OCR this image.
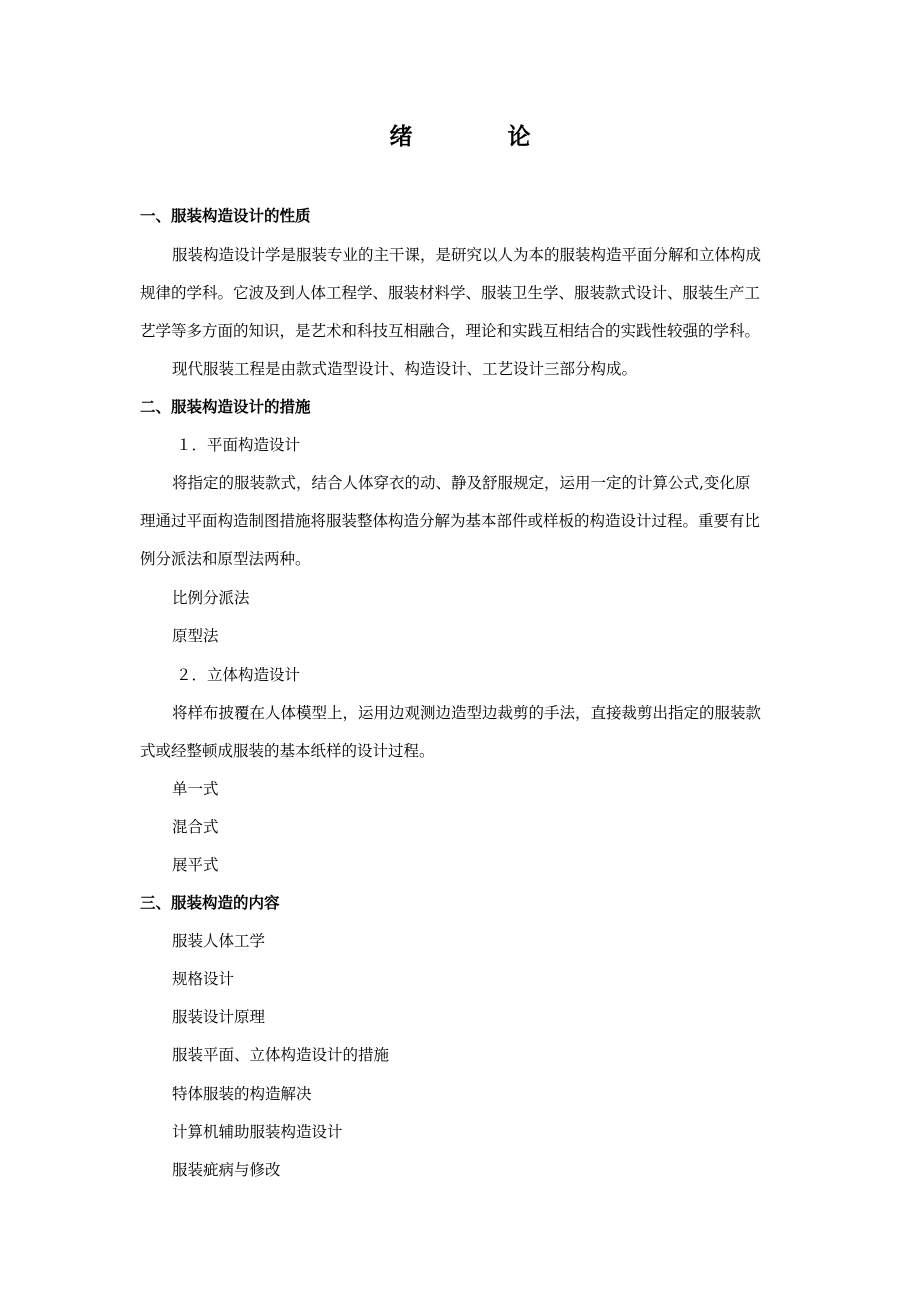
绪　论
一、服装构造设计的性质
服装构造设计学是服装专业的主干课，是研究以人为本的服装构造平面分解和立体构成
规律的学科。它波及到人体工程学、服装材料学、服装卫生学、服装款式设计、服装生产工
艺学等多方面的知识，是艺术和科技互相融合，理论和实践互相结合的实践性较强的学科。
现代服装工程是由款式造型设计、构造设计、工艺设计三部分构成。
二、服装构造设计的措施
１．平面构造设计
将指定的服装款式，结合人体穿衣的动、静及舒服规定，运用一定的计算公式,变化原
理通过平面构造制图措施将服装整体构造分解为基本部件或样板的构造设计过程。重要有比
例分派法和原型法两种。
比例分派法
原型法
２．立体构造设计
将样布披覆在人体模型上，运用边观测边造型边裁剪的手法，直接裁剪出指定的服装款
式或经整顿成服装的基本纸样的设计过程。
单一式
混合式
展平式
三、服装构造的内容
服装人体工学
规格设计
服装设计原理
服装平面、立体构造设计的措施
特体服装的构造解决
计算机辅助服装构造设计
服装疵病与修改
